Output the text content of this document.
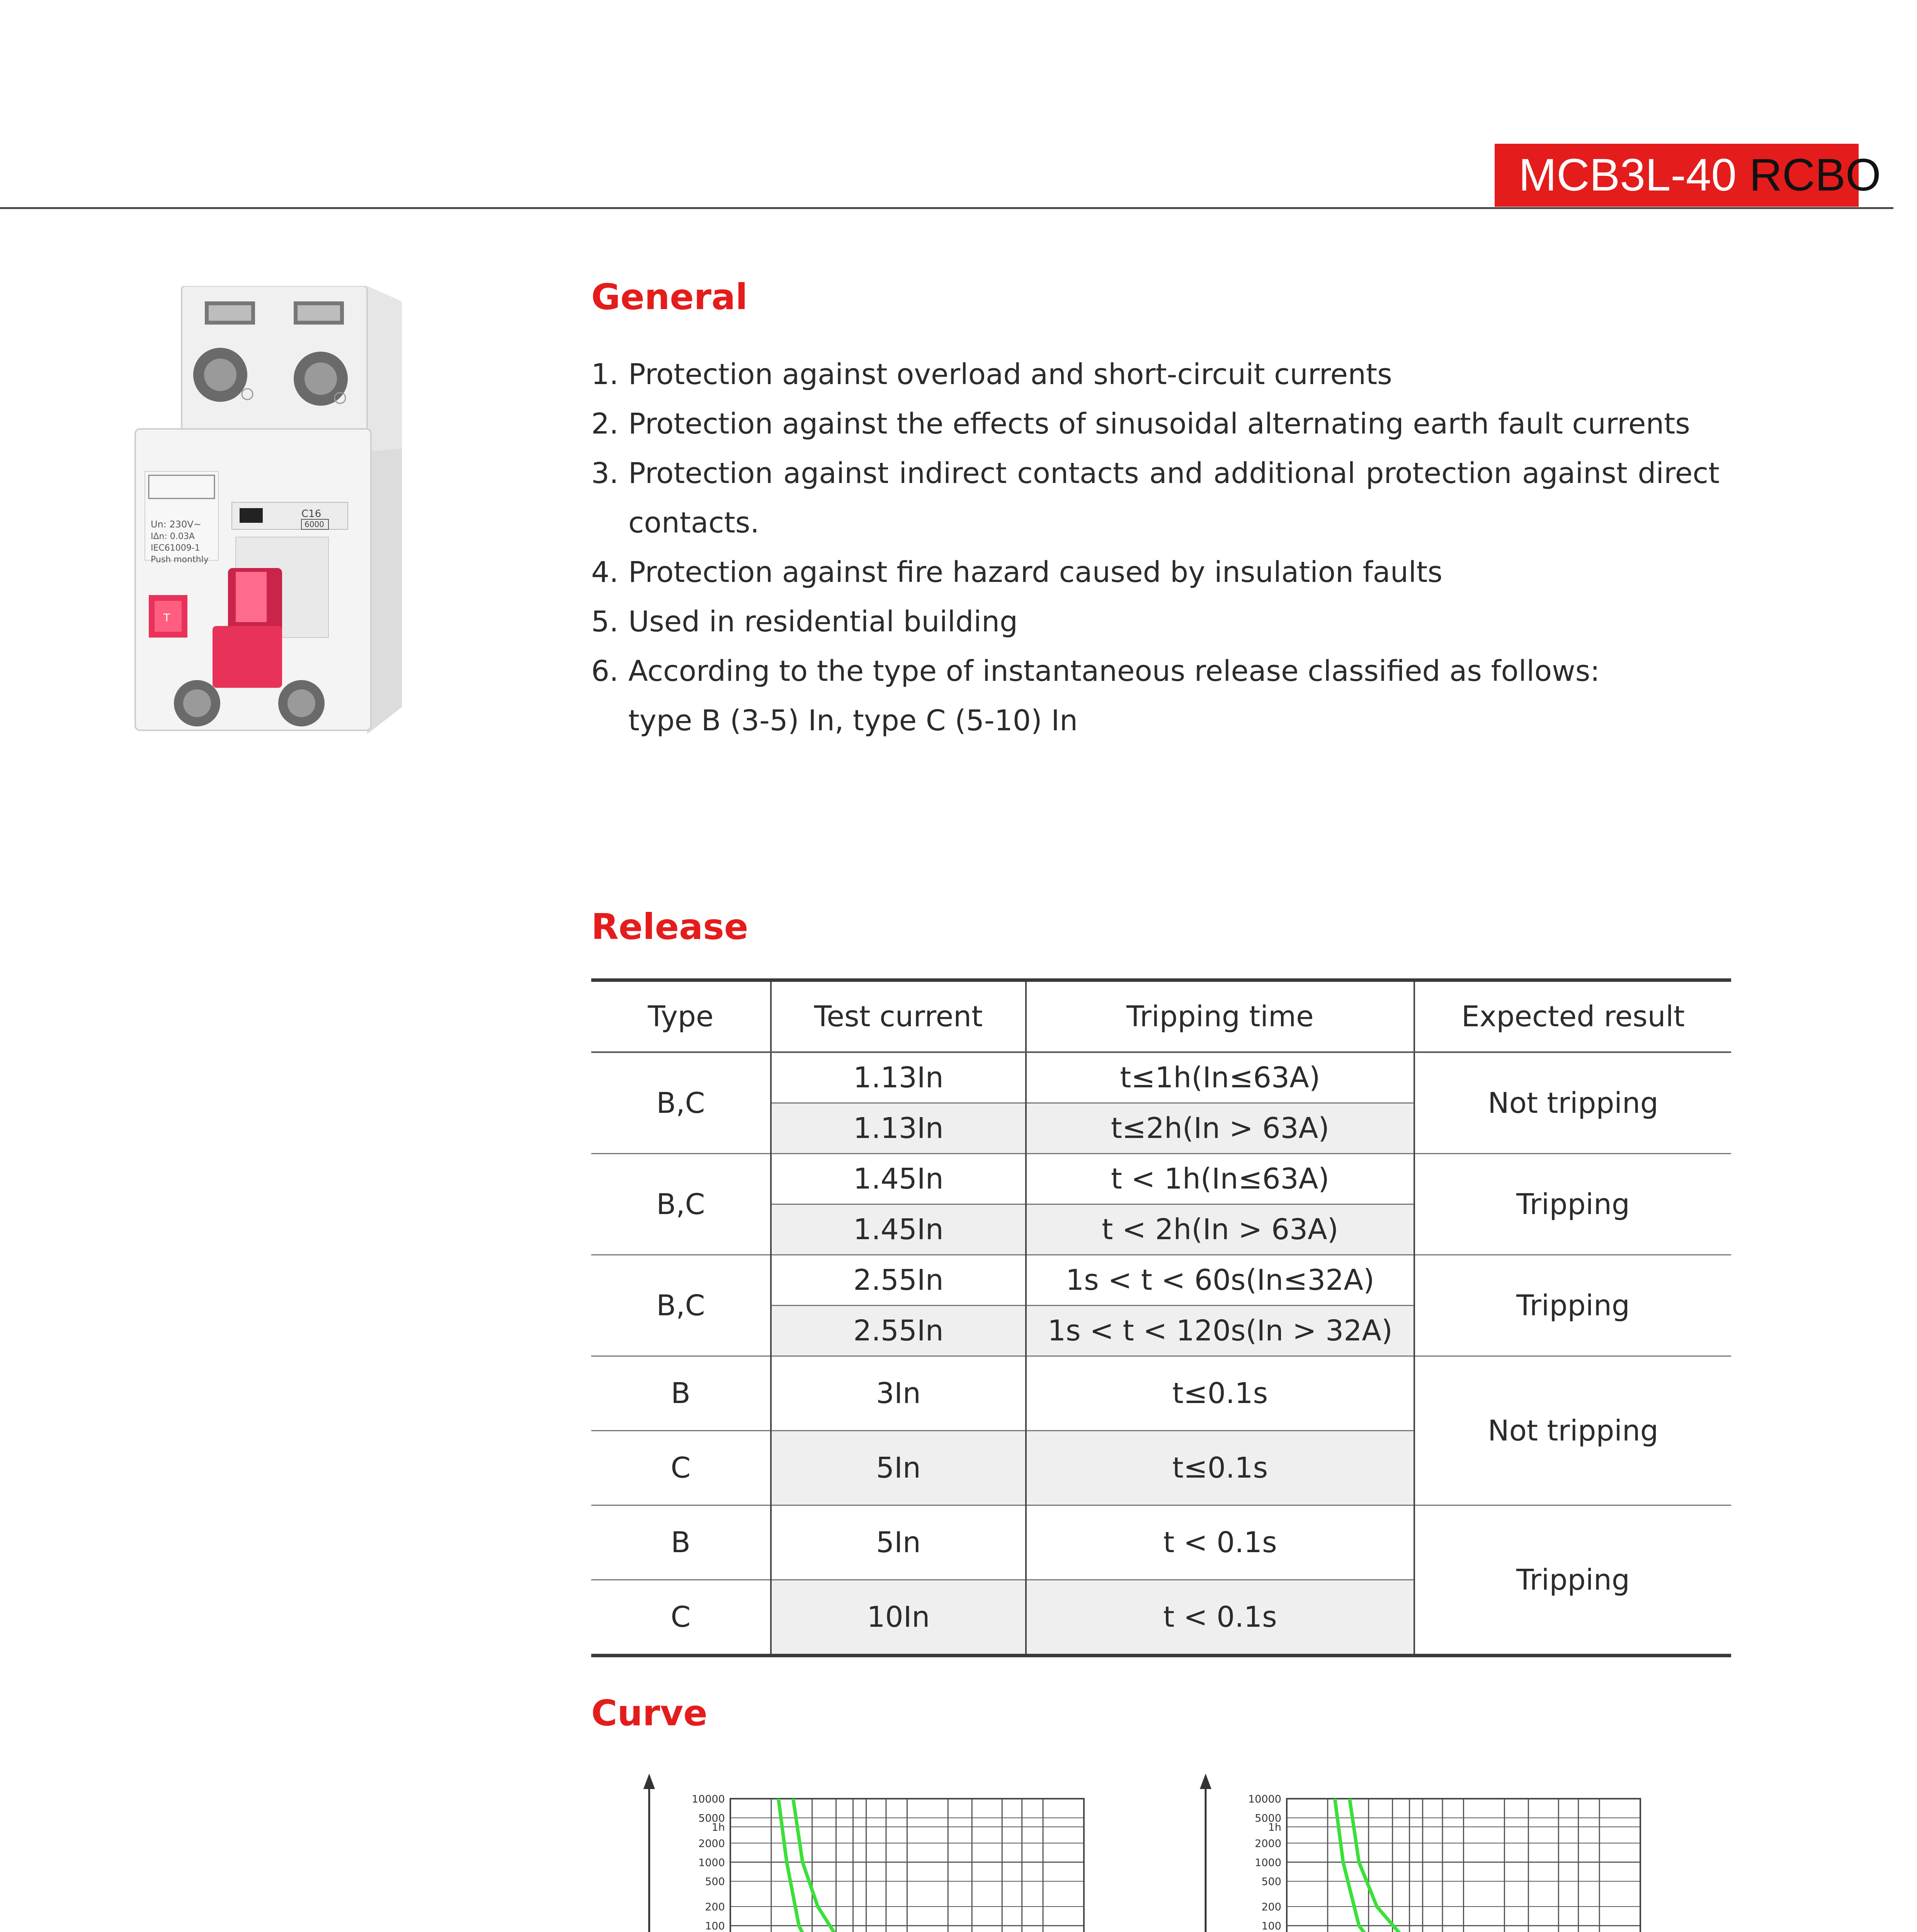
MCB3L-40 RCBO
Un: 230V~
IΔn: 0.03A
IEC61009-1
Push monthly
C16
6000
T
General
1. Protection against overload and short-circuit currents
2. Protection against the effects of sinusoidal alternating earth fault currents
3. Protection against indirect contacts and additional protection against direct
contacts.
4. Protection against fire hazard caused by insulation faults
5. Used in residential building
6. According to the type of instantaneous release classified as follows:
type B (3-5) In, type C (5-10) In
Release
Type	Test current	Tripping time	Expected result
B,C	1.13In	t≤1h(In≤63A)	Not tripping
	1.13In	t≤2h(In > 63A)	
B,C	1.45In	t < 1h(In≤63A)	Tripping
	1.45In	t < 2h(In > 63A)	
B,C	2.55In	1s < t < 60s(In≤32A)	Tripping
	2.55In	1s < t < 120s(In > 32A)	
B	3In	t≤0.1s	Not tripping
C	5In	t≤0.1s	
B	5In	t < 0.1s	Tripping
C	10In	t < 0.1s	
Curve
10000
5000
1h
2000
1000
500
200
100
10000
5000
1h
2000
1000
500
200
100
